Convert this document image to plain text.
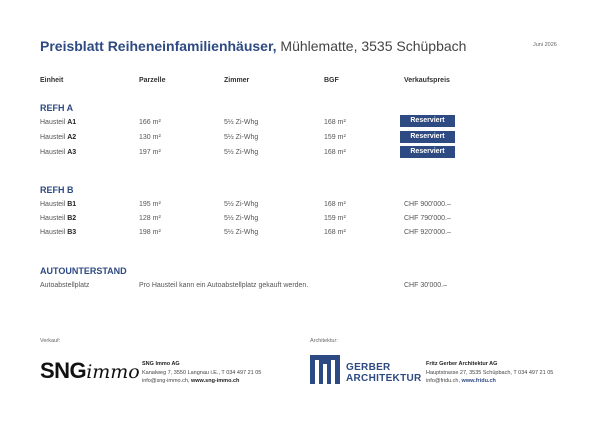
Preisblatt Reiheneinfamilienhäuser, Mühlematte, 3535 Schüpbach	Juni 2026
Einheit	Parzelle	Zimmer	BGF	Verkaufspreis
REFH A
Hausteil A1	166 m²	5½ Zi-Whg	168 m²	Reserviert
Hausteil A2	130 m²	5½ Zi-Whg	159 m²	Reserviert
Hausteil A3	197 m²	5½ Zi-Whg	168 m²	Reserviert
REFH B
Hausteil B1	195 m²	5½ Zi-Whg	168 m²	CHF 900'000.–
Hausteil B2	128 m²	5½ Zi-Whg	159 m²	CHF 790'000.–
Hausteil B3	198 m²	5½ Zi-Whg	168 m²	CHF 920'000.–
AUTOUNTERSTAND
Autoabstellplatz	Pro Hausteil kann ein Autoabstellplatz gekauft werden.	CHF 30'000.–
Verkauf:
SNGimmo SNG Immo AG
Kanalweg 7, 3550 Langnau i.E., T 034 497 21 05
info@sng-immo.ch, www.sng-immo.ch
Architektur:
GERBER
ARCHITEKTUR
Fritz Gerber Architektur AG
Hauptstrasse 27, 3535 Schüpbach, T 034 497 21 05
info@fridu.ch, www.fridu.ch
